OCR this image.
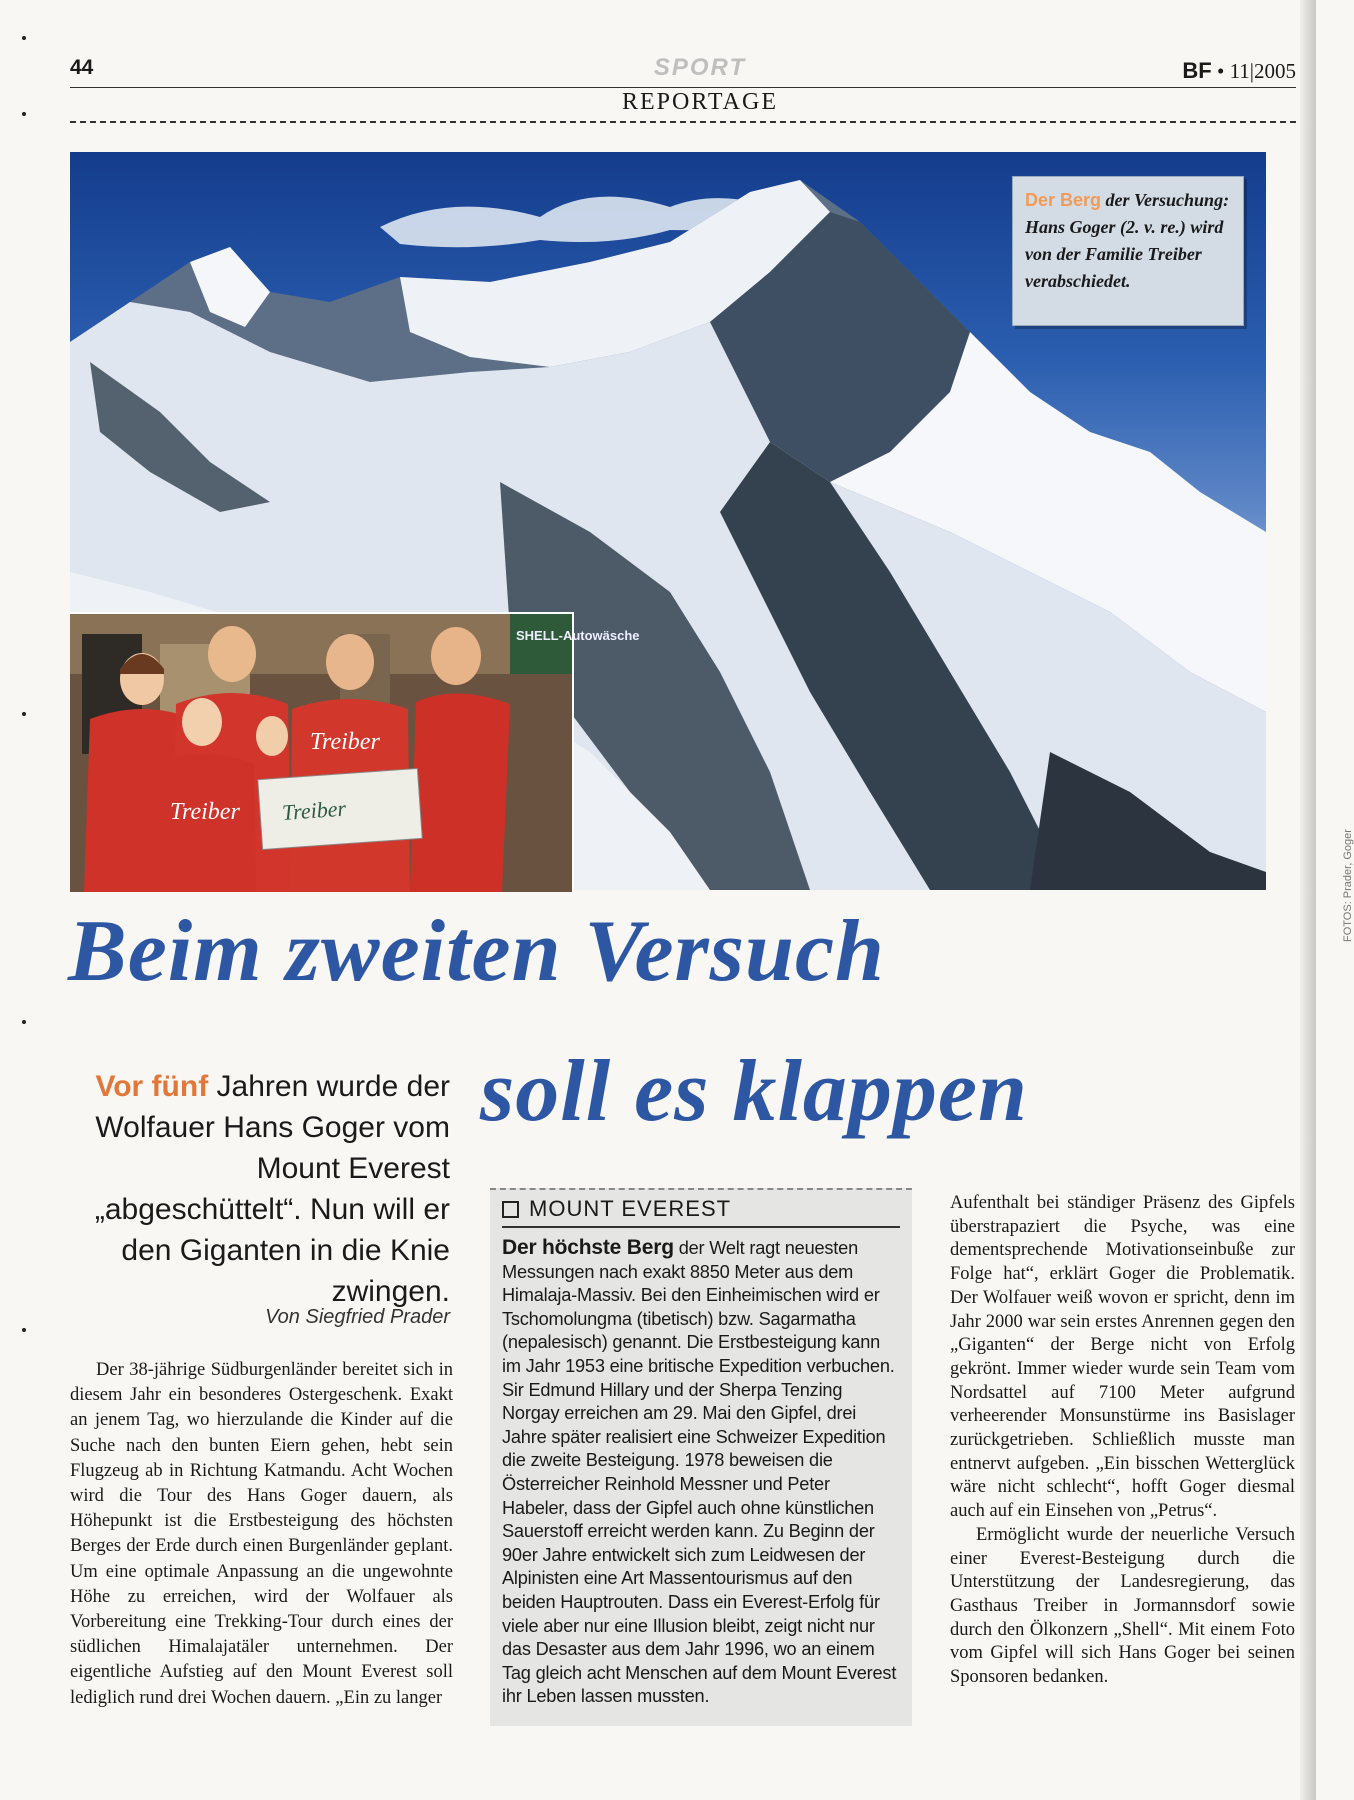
44	SPORT	BF • 11|2005
REPORTAGE
FOTOS: Prader, Goger
Der Berg der Versuchung: Hans Goger (2. v. re.) wird von der Familie Treiber verabschiedet.
SHELL-Autowäsche
Treiber
Treiber
Treiber
Beim zweiten Versuch
soll es klappen
Vor fünf Jahren wurde der Wolfauer Hans Goger vom Mount Everest „abgeschüttelt“. Nun will er den Giganten in die Knie zwingen.
Von Siegfried Prader
Der 38-jährige Südburgenländer bereitet sich in diesem Jahr ein besonderes Ostergeschenk. Exakt an jenem Tag, wo hierzulande die Kinder auf die Suche nach den bunten Eiern gehen, hebt sein Flugzeug ab in Richtung Katmandu. Acht Wochen wird die Tour des Hans Goger dauern, als Höhepunkt ist die Erstbesteigung des höchsten Berges der Erde durch einen Burgenländer geplant. Um eine optimale Anpassung an die ungewohnte Höhe zu erreichen, wird der Wolfauer als Vorbereitung eine Trekking-Tour durch eines der südlichen Himalajatäler unternehmen. Der eigentliche Aufstieg auf den Mount Everest soll lediglich rund drei Wochen dauern. „Ein zu langer
MOUNT EVEREST
Der höchste Berg der Welt ragt neuesten Messungen nach exakt 8850 Meter aus dem Himalaja-Massiv. Bei den Einheimischen wird er Tschomolungma (tibetisch) bzw. Sagarmatha (nepalesisch) genannt. Die Erstbesteigung kann im Jahr 1953 eine britische Expedition verbuchen. Sir Edmund Hillary und der Sherpa Tenzing Norgay erreichen am 29. Mai den Gipfel, drei Jahre später realisiert eine Schweizer Expedition die zweite Besteigung. 1978 beweisen die Österreicher Reinhold Messner und Peter Habeler, dass der Gipfel auch ohne künstlichen Sauerstoff erreicht werden kann. Zu Beginn der 90er Jahre entwickelt sich zum Leidwesen der Alpinisten eine Art Massentourismus auf den beiden Hauptrouten. Dass ein Everest-Erfolg für viele aber nur eine Illusion bleibt, zeigt nicht nur das Desaster aus dem Jahr 1996, wo an einem Tag gleich acht Menschen auf dem Mount Everest ihr Leben lassen mussten.

Aufenthalt bei ständiger Präsenz des Gipfels überstrapaziert die Psyche, was eine dementsprechende Motivationseinbuße zur Folge hat“, erklärt Goger die Problematik. Der Wolfauer weiß wovon er spricht, denn im Jahr 2000 war sein erstes Anrennen gegen den „Giganten“ der Berge nicht von Erfolg gekrönt. Immer wieder wurde sein Team vom Nordsattel auf 7100 Meter aufgrund verheerender Monsunstürme ins Basislager zurückgetrieben. Schließlich musste man entnervt aufgeben. „Ein bisschen Wetterglück wäre nicht schlecht“, hofft Goger diesmal auch auf ein Einsehen von „Petrus“.

Ermöglicht wurde der neuerliche Versuch einer Everest-Besteigung durch die Unterstützung der Landesregierung, das Gasthaus Treiber in Jormannsdorf sowie durch den Ölkonzern „Shell“. Mit einem Foto vom Gipfel will sich Hans Goger bei seinen Sponsoren bedanken.
